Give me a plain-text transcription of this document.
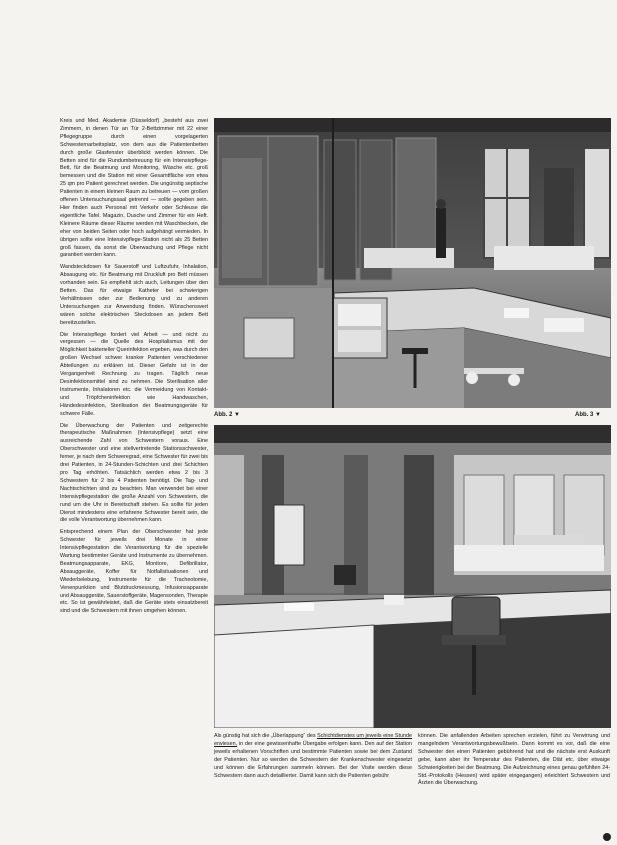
Kreis und Med. Akademie (Düsseldorf) „besteht aus zwei Zimmern, in denen Tür an Tür 2-Bettzimmer mit 22 einer Pflegegruppe durch einen vorgelagerten Schwesternarbeitsplatz, von dem aus die Patientenbetten durch große Glasfenster überblickt werden können. Die Betten sind für die Rundumbetreuung für ein Intensivpflege-Bett, für die Beatmung und Monitoring, Wäsche etc. groß bemessen und die Station mit einer Gesamtfläche von etwa 25 qm pro Patient gerechnet werden. Die ungünstig septische Patienten in einem kleinen Raum zu betreuen — vom großen offenen Untersuchungssaal getrennt — sollte gegeben sein. Hier finden auch Personal mit Verkehr oder Schleuse die eigentliche Tafel. Magazin, Dusche und Zimmer für ein Heft. Kleinere Räume dieser Räume werden mit Waschbecken, die eher von beiden Seiten oder hoch aufgehängt vermieden. In übrigen sollte eine Intensivpflege-Station nicht als 25 Betten groß fassen, da sonst die Überwachung und Pflege nicht garantiert werden kann.

Wandsteckdosen für Sauerstoff und Luftzufuhr, Inhalation, Absaugung etc. für Beatmung mit Druckluft pro Bett müssen vorhanden sein. Es empfiehlt sich auch, Leitungen über den Betten. Das für etwaige Katheter bei schwierigen Verhältnissen oder zur Bedienung und zu anderen Untersuchungen zur Anwendung finden. Wünschenswert wären solche elektrischen Steckdosen an jedem Bett bereitzustellen.

Die Intensivpflege fordert viel Arbeit — und nicht zu vergessen — die Quelle des Hospitalismus mit der Möglichkeit bakterieller Querinfektion ergeben, was durch den großen Wechsel schwer kranker Patienten verschiedener Abteilungen zu erklären ist. Dieser Gefahr ist in der Vergangenheit Rechnung zu tragen. Täglich neue Desinfektionsmittel sind zu nehmen. Die Sterilisation aller Instrumente, Inhalatoren etc. die Vermeidung von Kontakt- und Tröpfcheninfektion wie Handwaschen, Händedesinfektion, Sterilisation der Beatmungsgeräte für schwere Fälle.

Die Überwachung der Patienten und zeitgerechte therapeutische Maßnahmen (Intensivpflege) setzt eine ausreichende Zahl von Schwestern voraus. Eine Oberschwester und eine stellvertretende Stationsschwester, ferner, je nach dem Schweregrad, eine Schwester für zwei bis drei Patienten, in 24-Stunden-Schichten und drei Schichten pro Tag erhöhten. Tatsächlich werden etwa 2 bis 3 Schwestern für 2 bis 4 Patienten benötigt. Die Tag- und Nachtschichten sind zu beachten. Man verwendet bei einer Intensivpflegestation die große Anzahl von Schwestern, die rund um die Uhr in Bereitschaft stehen. Es sollte für jeden Dienst mindestens eine erfahrene Schwester bereit sein, die die volle Verantwortung übernehmen kann.

Entsprechend einem Plan der Oberschwester hat jede Schwester für jeweils drei Monate in einer Intensivpflegestation die Verantwortung für die spezielle Wartung bestimmter Geräte und Instrumente zu übernehmen. Beatmungsapparate, EKG, Monitore, Defibrillator, Absauggeräte, Koffer für Notfallsituationen und Wiederbelebung, Instrumente für die Tracheotomie, Venenpunktion und Blutdruckmessung, Infusionsapparate und Absauggeräte, Sauerstoffgeräte, Magensonden, Therapie etc. So ist gewährleistet, daß die Geräte stets einsatzbereit sind und die Schwestern mit ihnen umgehen können.

Abb. 2 ▼	Abb. 3 ▼

Als günstig hat sich die „Überlappung“ des Schichtdienstes um jeweils eine Stunde erwiesen, in der eine gewissenhafte Übergabe erfolgen kann. Den auf der Station jeweils erhaltenen Vorschriften und bestimmte Patienten sowie bei dem Zustand der Patienten. Nur so werden die Schwestern der Krankenschwester eingesetzt und können die Erfahrungen sammeln können. Bei der Visite werden diese Schwestern dann auch detaillierter. Damit kann sich die Patienten gebühr

können. Die anfallenden Arbeiten sprechen erzielen, führt zu Verwirrung und mangelndem Verantwortungsbewußtsein. Dann kommt es vor, daß die eine Schwester den einen Patienten gebührend hat und die nächste erst Auskunft gebe, kann aber ihr Temperatur des Patienten, die Diät etc. über etwaige Schwierigkeiten bei der Beatmung. Die Aufzeichnung eines genau gefühlten 24-Std.-Protokolls (Hessen) wird später eingegangen) erleichtert Schwestern und Ärzten die Überwachung.
